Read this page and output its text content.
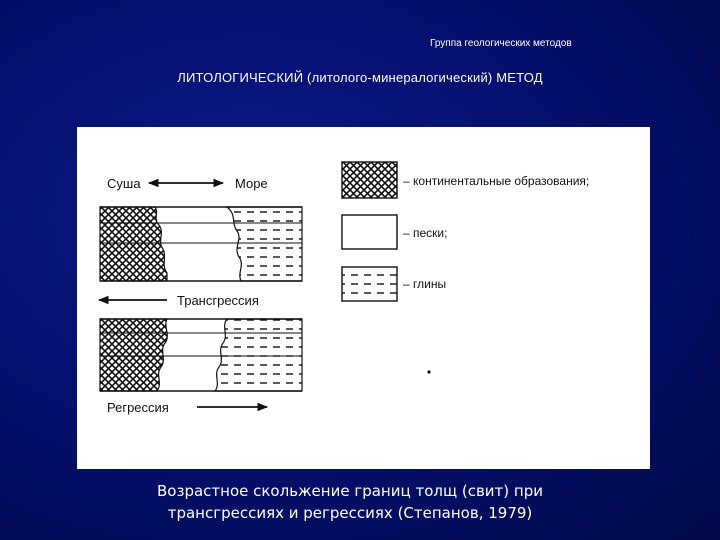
Группа геологических методов
ЛИТОЛОГИЧЕСКИЙ (литолого-минералогический) МЕТОД
Суша	Море
Трансгрессия
Регрессия
– континентальные образования;
– пески;
– глины
Возрастное скольжение границ толщ (свит) при
трансгрессиях и регрессиях (Степанов, 1979)
